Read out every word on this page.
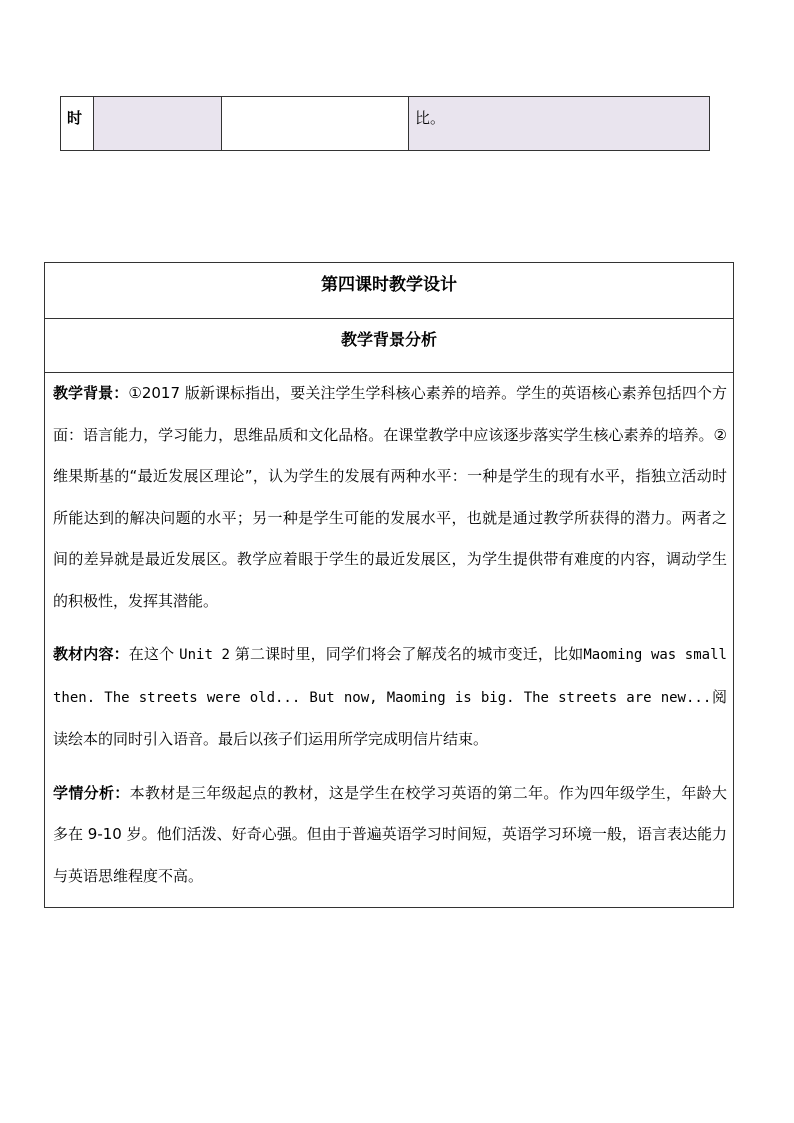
时			比。
第四课时教学设计
教学背景分析

教学背景：①2017 版新课标指出，要关注学生学科核心素养的培养。学生的英语核心素养包括四个方面：语言能力，学习能力，思维品质和文化品格。在课堂教学中应该逐步落实学生核心素养的培养。②维果斯基的“最近发展区理论”，认为学生的发展有两种水平：一种是学生的现有水平，指独立活动时所能达到的解决问题的水平；另一种是学生可能的发展水平，也就是通过教学所获得的潜力。两者之间的差异就是最近发展区。教学应着眼于学生的最近发展区，为学生提供带有难度的内容，调动学生的积极性，发挥其潜能。

教材内容：在这个 Unit 2 第二课时里，同学们将会了解茂名的城市变迁，比如Maoming was small then. The streets were old... But now, Maoming is big. The streets are new...阅读绘本的同时引入语音。最后以孩子们运用所学完成明信片结束。

学情分析：本教材是三年级起点的教材，这是学生在校学习英语的第二年。作为四年级学生，年龄大多在 9-10 岁。他们活泼、好奇心强。但由于普遍英语学习时间短，英语学习环境一般，语言表达能力与英语思维程度不高。
